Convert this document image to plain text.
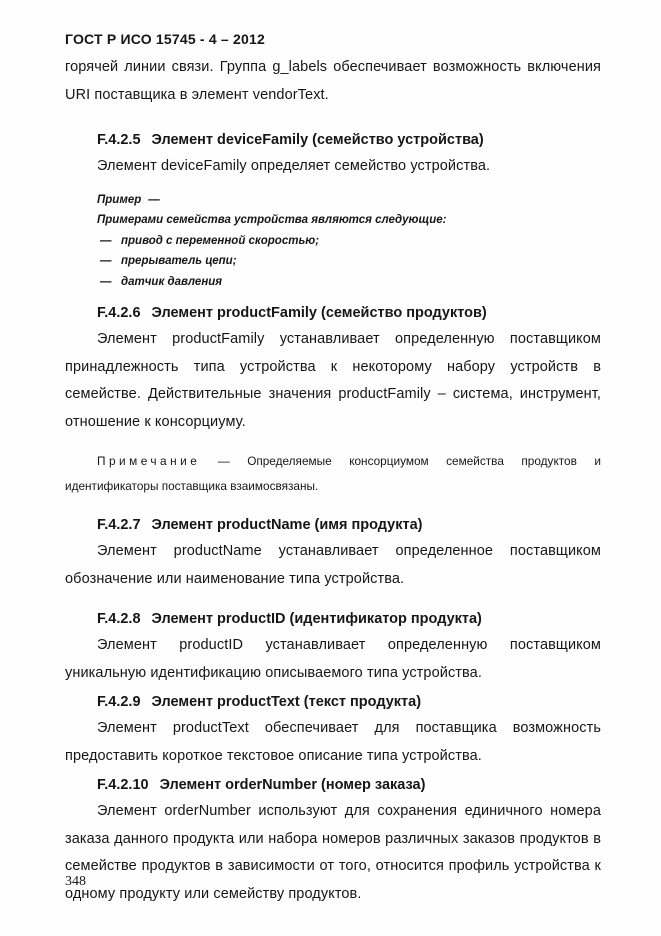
ГОСТ Р ИСО 15745 - 4 – 2012

горячей линии связи. Группа g_labels обеспечивает возможность включения URI поставщика в элемент vendorText.

F.4.2.5 Элемент deviceFamily (семейство устройства)

Элемент deviceFamily определяет семейство устройства.

Пример —
Примерами семейства устройства являются следующие:
— привод с переменной скоростью;
— прерыватель цепи;
— датчик давления

F.4.2.6 Элемент productFamily (семейство продуктов)

Элемент productFamily устанавливает определенную поставщиком принадлежность типа устройства к некоторому набору устройств в семействе. Действительные значения productFamily – система, инструмент, отношение к консорциуму.

Примечание — Определяемые консорциумом семейства продуктов и идентификаторы поставщика взаимосвязаны.

F.4.2.7 Элемент productName (имя продукта)

Элемент productName устанавливает определенное поставщиком обозначение или наименование типа устройства.

F.4.2.8 Элемент productID (идентификатор продукта)

Элемент productID устанавливает определенную поставщиком уникальную идентификацию описываемого типа устройства.

F.4.2.9 Элемент productText (текст продукта)

Элемент productText обеспечивает для поставщика возможность предоставить короткое текстовое описание типа устройства.

F.4.2.10 Элемент orderNumber (номер заказа)

Элемент orderNumber используют для сохранения единичного номера заказа данного продукта или набора номеров различных заказов продуктов в семействе продуктов в зависимости от того, относится профиль устройства к одному продукту или семейству продуктов.

348
